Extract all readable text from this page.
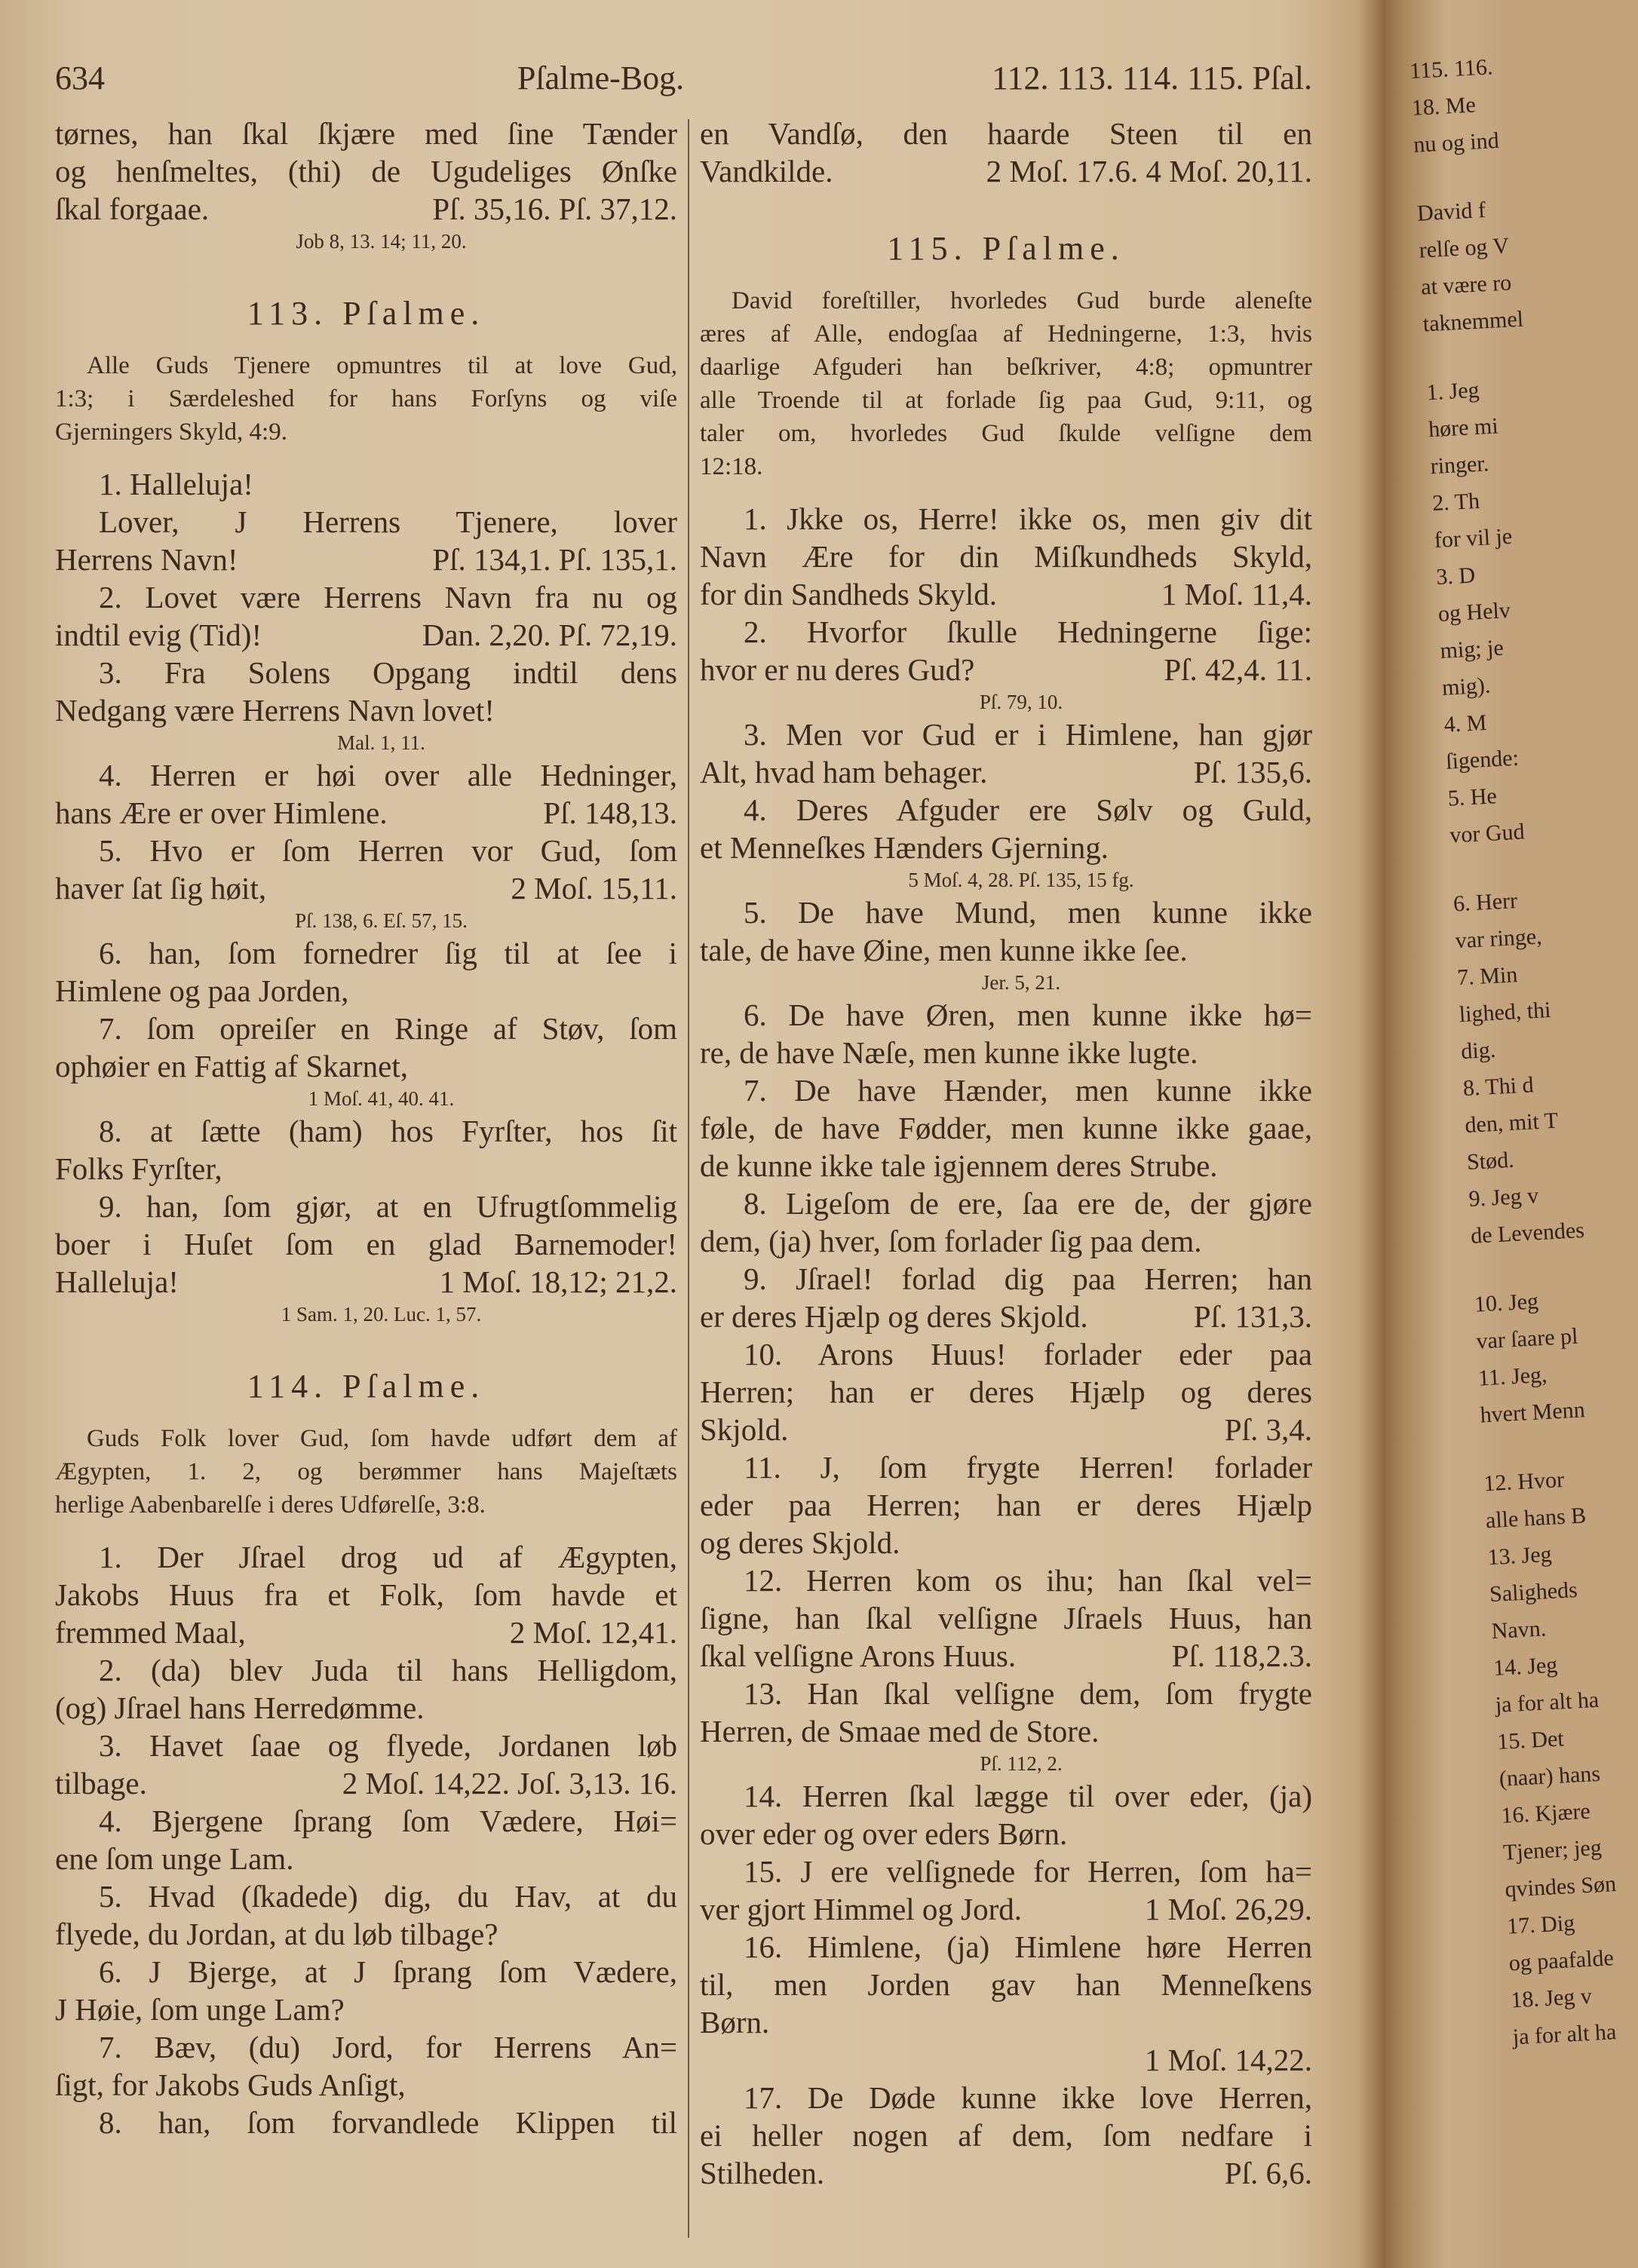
634	Pſalme-Bog.	112. 113. 114. 115. Pſal.
tørnes, han ſkal ſkjære med ſine Tænder
og henſmeltes, (thi) de Ugudeliges Ønſke
ſkal forgaae.	Pſ. 35,16. Pſ. 37,12.
Job 8, 13. 14; 11, 20.
113. Pſalme.
Alle Guds Tjenere opmuntres til at love Gud,
1:3; i Særdeleshed for hans Forſyns og viſe
Gjerningers Skyld, 4:9.
1. Halleluja!
Lover, J Herrens Tjenere, lover
Herrens Navn!	Pſ. 134,1. Pſ. 135,1.
2. Lovet være Herrens Navn fra nu og
indtil evig (Tid)!	Dan. 2,20. Pſ. 72,19.
3. Fra Solens Opgang indtil dens
Nedgang være Herrens Navn lovet!
Mal. 1, 11.
4. Herren er høi over alle Hedninger,
hans Ære er over Himlene.	Pſ. 148,13.
5. Hvo er ſom Herren vor Gud, ſom
haver ſat ſig høit,	2 Moſ. 15,11.
Pſ. 138, 6. Eſ. 57, 15.
6. han, ſom fornedrer ſig til at ſee i
Himlene og paa Jorden,
7. ſom opreiſer en Ringe af Støv, ſom
ophøier en Fattig af Skarnet,
1 Moſ. 41, 40. 41.
8. at ſætte (ham) hos Fyrſter, hos ſit
Folks Fyrſter,
9. han, ſom gjør, at en Ufrugtſommelig
boer i Huſet ſom en glad Barnemoder!
Halleluja!	1 Moſ. 18,12; 21,2.
1 Sam. 1, 20. Luc. 1, 57.
114. Pſalme.
Guds Folk lover Gud, ſom havde udført dem af
Ægypten, 1. 2, og berømmer hans Majeſtæts
herlige Aabenbarelſe i deres Udførelſe, 3:8.
1. Der Jſrael drog ud af Ægypten,
Jakobs Huus fra et Folk, ſom havde et
fremmed Maal,	2 Moſ. 12,41.
2. (da) blev Juda til hans Helligdom,
(og) Jſrael hans Herredømme.
3. Havet ſaae og flyede, Jordanen løb
tilbage.	2 Moſ. 14,22. Joſ. 3,13. 16.
4. Bjergene ſprang ſom Vædere, Høi=
ene ſom unge Lam.
5. Hvad (ſkadede) dig, du Hav, at du
flyede, du Jordan, at du løb tilbage?
6. J Bjerge, at J ſprang ſom Vædere,
J Høie, ſom unge Lam?
7. Bæv, (du) Jord, for Herrens An=
ſigt, for Jakobs Guds Anſigt,
8. han, ſom forvandlede Klippen til
en Vandſø, den haarde Steen til en
Vandkilde.	2 Moſ. 17.6. 4 Moſ. 20,11.
115. Pſalme.
David foreſtiller, hvorledes Gud burde aleneſte
æres af Alle, endogſaa af Hedningerne, 1:3, hvis
daarlige Afguderi han beſkriver, 4:8; opmuntrer
alle Troende til at forlade ſig paa Gud, 9:11, og
taler om, hvorledes Gud ſkulde velſigne dem
12:18.
1. Jkke os, Herre! ikke os, men giv dit
Navn Ære for din Miſkundheds Skyld,
for din Sandheds Skyld.	1 Moſ. 11,4.
2. Hvorfor ſkulle Hedningerne ſige:
hvor er nu deres Gud?	Pſ. 42,4. 11.
Pſ. 79, 10.
3. Men vor Gud er i Himlene, han gjør
Alt, hvad ham behager.	Pſ. 135,6.
4. Deres Afguder ere Sølv og Guld,
et Menneſkes Hænders Gjerning.
5 Moſ. 4, 28. Pſ. 135, 15 fg.
5. De have Mund, men kunne ikke
tale, de have Øine, men kunne ikke ſee.
Jer. 5, 21.
6. De have Øren, men kunne ikke hø=
re, de have Næſe, men kunne ikke lugte.
7. De have Hænder, men kunne ikke
føle, de have Fødder, men kunne ikke gaae,
de kunne ikke tale igjennem deres Strube.
8. Ligeſom de ere, ſaa ere de, der gjøre
dem, (ja) hver, ſom forlader ſig paa dem.
9. Jſrael! forlad dig paa Herren; han
er deres Hjælp og deres Skjold.	Pſ. 131,3.
10. Arons Huus! forlader eder paa
Herren; han er deres Hjælp og deres
Skjold.	Pſ. 3,4.
11. J, ſom frygte Herren! forlader
eder paa Herren; han er deres Hjælp
og deres Skjold.
12. Herren kom os ihu; han ſkal vel=
ſigne, han ſkal velſigne Jſraels Huus, han
ſkal velſigne Arons Huus.	Pſ. 118,2.3.
13. Han ſkal velſigne dem, ſom frygte
Herren, de Smaae med de Store.
Pſ. 112, 2.
14. Herren ſkal lægge til over eder, (ja)
over eder og over eders Børn.
15. J ere velſignede for Herren, ſom ha=
ver gjort Himmel og Jord.	1 Moſ. 26,29.
16. Himlene, (ja) Himlene høre Herren
til, men Jorden gav han Menneſkens
Børn.
1 Moſ. 14,22.
17. De Døde kunne ikke love Herren,
ei heller nogen af dem, ſom nedfare i
Stilheden.	Pſ. 6,6.
115. 116.
18. Me
nu og ind
David f
relſe og V
at være ro
taknemmel
1. Jeg
høre mi
ringer.
2. Th
for vil je
3. D
og Helv
mig; je
mig).
4. M
ſigende:
5. He
vor Gud
6. Herr
var ringe,
7. Min
lighed, thi
dig.
8. Thi d
den, mit T
Stød.
9. Jeg v
de Levendes
10. Jeg
var ſaare pl
11. Jeg,
hvert Menn
12. Hvor
alle hans B
13. Jeg
Saligheds
Navn.
14. Jeg
ja for alt ha
15. Det
(naar) hans
16. Kjære
Tjener; jeg
qvindes Søn
17. Dig
og paafalde
18. Jeg v
ja for alt ha
